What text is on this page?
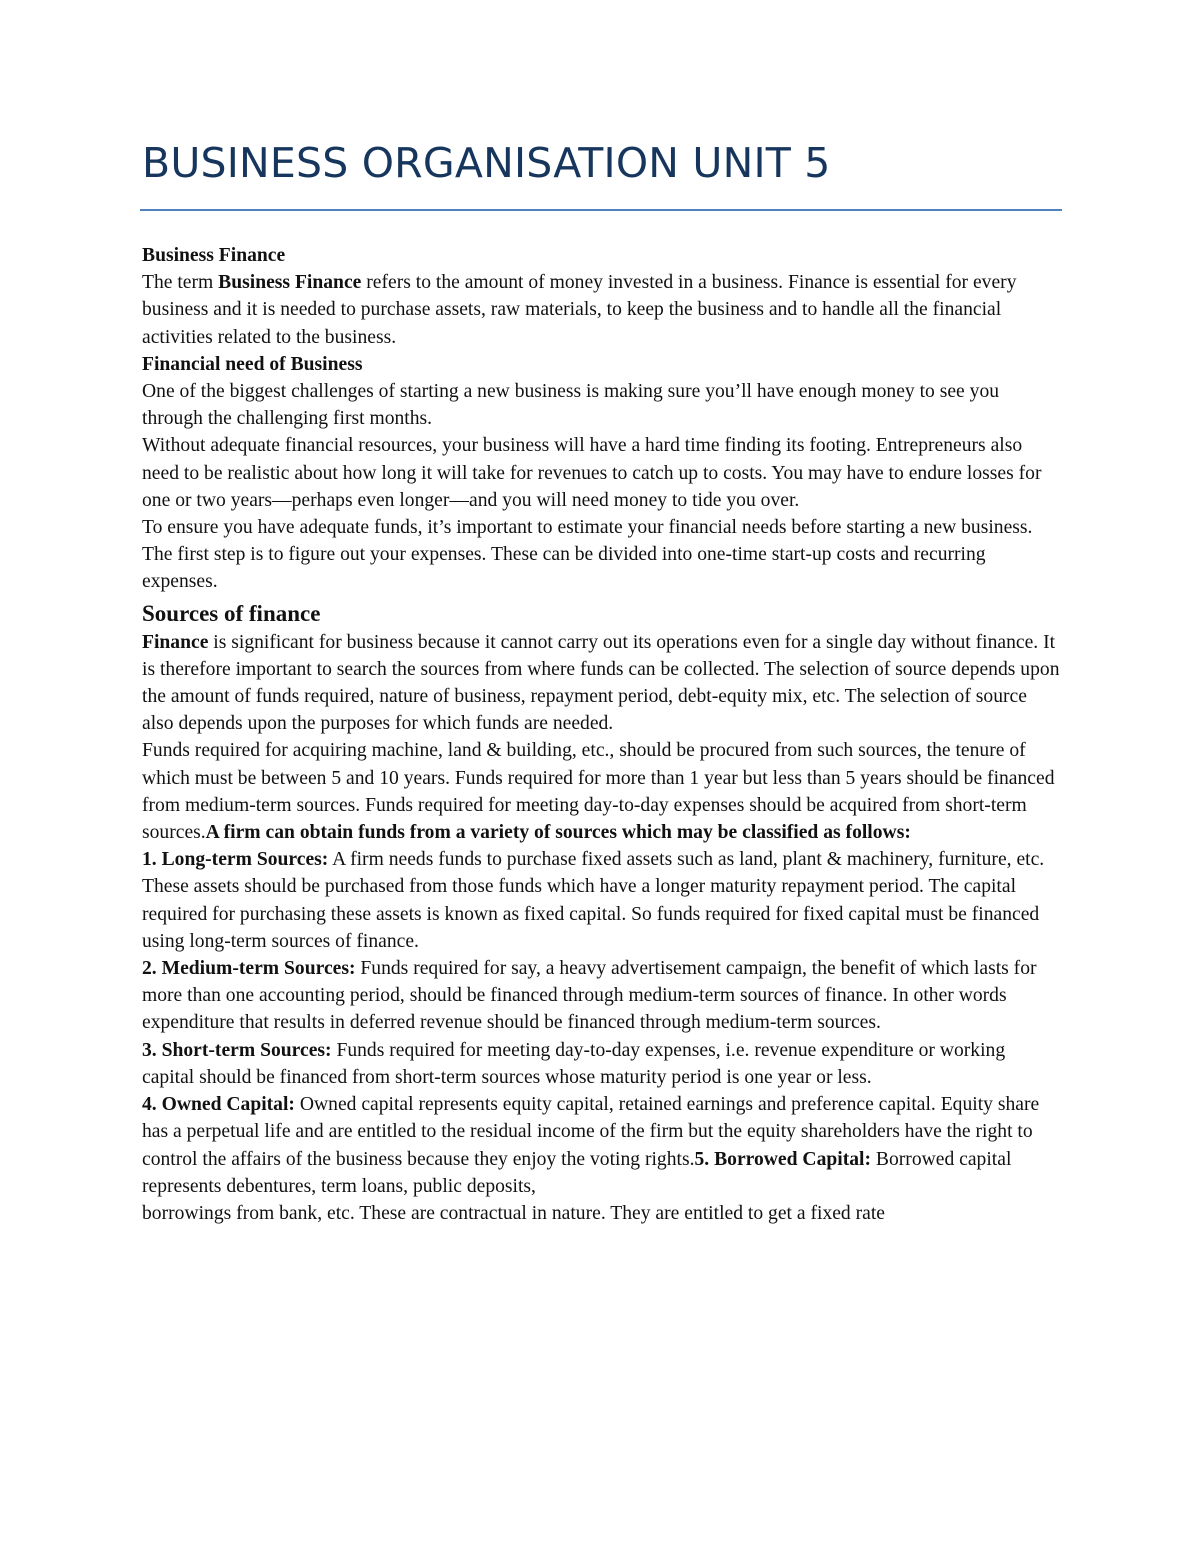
BUSINESS ORGANISATION UNIT 5

Business Finance

The term Business Finance refers to the amount of money invested in a business. Finance is essential for every business and it is needed to purchase assets, raw materials, to keep the business and to handle all the financial activities related to the business.

Financial need of Business

One of the biggest challenges of starting a new business is making sure you’ll have enough money to see you through the challenging first months.

Without adequate financial resources, your business will have a hard time finding its footing. Entrepreneurs also need to be realistic about how long it will take for revenues to catch up to costs. You may have to endure losses for one or two years—perhaps even longer—and you will need money to tide you over.

To ensure you have adequate funds, it’s important to estimate your financial needs before starting a new business. The first step is to figure out your expenses. These can be divided into one-time start-up costs and recurring expenses.

Sources of finance

Finance is significant for business because it cannot carry out its operations even for a single day without finance. It is therefore important to search the sources from where funds can be collected. The selection of source depends upon the amount of funds required, nature of business, repayment period, debt-equity mix, etc. The selection of source also depends upon the purposes for which funds are needed.

Funds required for acquiring machine, land & building, etc., should be procured from such sources, the tenure of which must be between 5 and 10 years. Funds required for more than 1 year but less than 5 years should be financed from medium-term sources. Funds required for meeting day-to-day expenses should be acquired from short-term sources.A firm can obtain funds from a variety of sources which may be classified as follows:

1. Long-term Sources: A firm needs funds to purchase fixed assets such as land, plant & machinery, furniture, etc. These assets should be purchased from those funds which have a longer maturity repayment period. The capital required for purchasing these assets is known as fixed capital. So funds required for fixed capital must be financed using long-term sources of finance.

2. Medium-term Sources: Funds required for say, a heavy advertisement campaign, the benefit of which lasts for more than one accounting period, should be financed through medium-term sources of finance. In other words expenditure that results in deferred revenue should be financed through medium-term sources.

3. Short-term Sources: Funds required for meeting day-to-day expenses, i.e. revenue expenditure or working capital should be financed from short-term sources whose maturity period is one year or less.

4. Owned Capital: Owned capital represents equity capital, retained earnings and preference capital. Equity share has a perpetual life and are entitled to the residual income of the firm but the equity shareholders have the right to control the affairs of the business because they enjoy the voting rights.5. Borrowed Capital: Borrowed capital represents debentures, term loans, public deposits,

borrowings from bank, etc. These are contractual in nature. They are entitled to get a fixed rate
